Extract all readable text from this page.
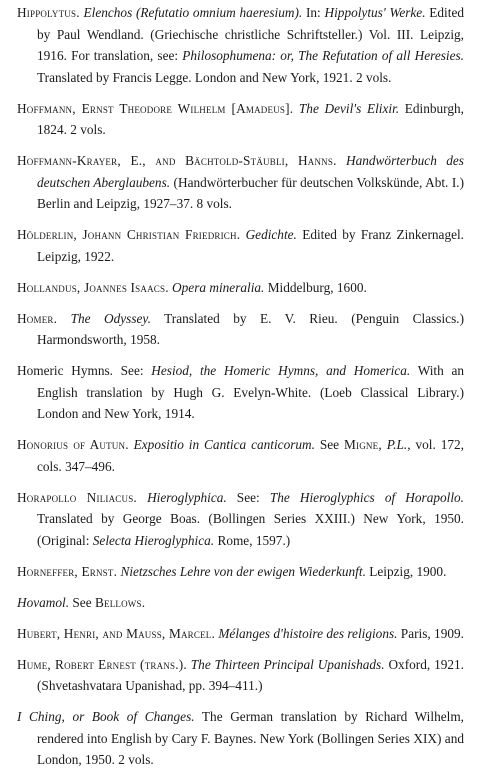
Hippolytus. Elenchos (Refutatio omnium haeresium). In: Hippolytus' Werke. Edited by Paul Wendland. (Griechische christliche Schriftsteller.) Vol. III. Leipzig, 1916. For translation, see: Philosophumena: or, The Refutation of all Heresies. Translated by Francis Legge. London and New York, 1921. 2 vols.

Hoffmann, Ernst Theodore Wilhelm [Amadeus]. The Devil's Elixir. Edinburgh, 1824. 2 vols.

Hoffmann-Krayer, E., and Bächtold-Stäubli, Hanns. Handwörterbuch des deutschen Aberglaubens. (Handwörterbucher für deutschen Volkskünde, Abt. I.) Berlin and Leipzig, 1927–37. 8 vols.

Hölderlin, Johann Christian Friedrich. Gedichte. Edited by Franz Zinkernagel. Leipzig, 1922.

Hollandus, Joannes Isaacs. Opera mineralia. Middelburg, 1600.

Homer. The Odyssey. Translated by E. V. Rieu. (Penguin Classics.) Harmondsworth, 1958.

Homeric Hymns. See: Hesiod, the Homeric Hymns, and Homerica. With an English translation by Hugh G. Evelyn-White. (Loeb Classical Library.) London and New York, 1914.

Honorius of Autun. Expositio in Cantica canticorum. See Migne, P.L., vol. 172, cols. 347–496.

Horapollo Niliacus. Hieroglyphica. See: The Hieroglyphics of Horapollo. Translated by George Boas. (Bollingen Series XXIII.) New York, 1950. (Original: Selecta Hieroglyphica. Rome, 1597.)

Horneffer, Ernst. Nietzsches Lehre von der ewigen Wiederkunft. Leipzig, 1900.

Hovamol. See Bellows.

Hubert, Henri, and Mauss, Marcel. Mélanges d'histoire des religions. Paris, 1909.

Hume, Robert Ernest (trans.). The Thirteen Principal Upanishads. Oxford, 1921. (Shvetashvatara Upanishad, pp. 394–411.)

I Ching, or Book of Changes. The German translation by Richard Wilhelm, rendered into English by Cary F. Baynes. New York (Bollingen Series XIX) and London, 1950. 2 vols.
